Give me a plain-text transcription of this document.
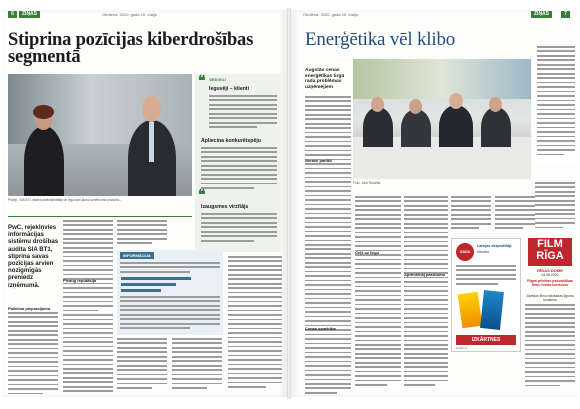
6	ZIŅAS	Otrdiena, 2020. gada 10. maijs
Stiprina pozīcijas kiberdrošības segmentā
Pircēji - SIA BT1 valdes priekšsēdētāja un ieguvumi jaunu uzņēmuma produktu...
PwC, rejeklņvies informācijas sistēmu drošības audita SIA BT1, stiprina savas pozīcijas arvien nozīgmīgās preniedz izņēmumā.
Pieaug reputācija
INFORMĀCIJA
VIEDOKLI
❝
Ieguvēji – klienti
Apliecina konkurētspēju
❝
Izaugsmes virzītājs
Palielina pieprasījumu
Otrdiena, 2020. gada 10. maijs	ZIŅAS	7
Enerģētika vēl klibo
Augstās cenas enerģētikas tirgū rada problēmas uzņēmējiem
Foto: Juris Rudzītis
Neraisi panīki!
Cenas samērība
Ceļš uz tirgu
Apdrošināj pasūtumu
GADA
Latvijas eksportētāji
Atbalsts
IZKĀRTNES
Reklāma
FILM
RĪGA
RĪGAS DOME
04.06.2020
Rīgas pilsētas pašvaldības filmu fonda konkurss
Jāvedos filmu ražošanas līguma konkurss
